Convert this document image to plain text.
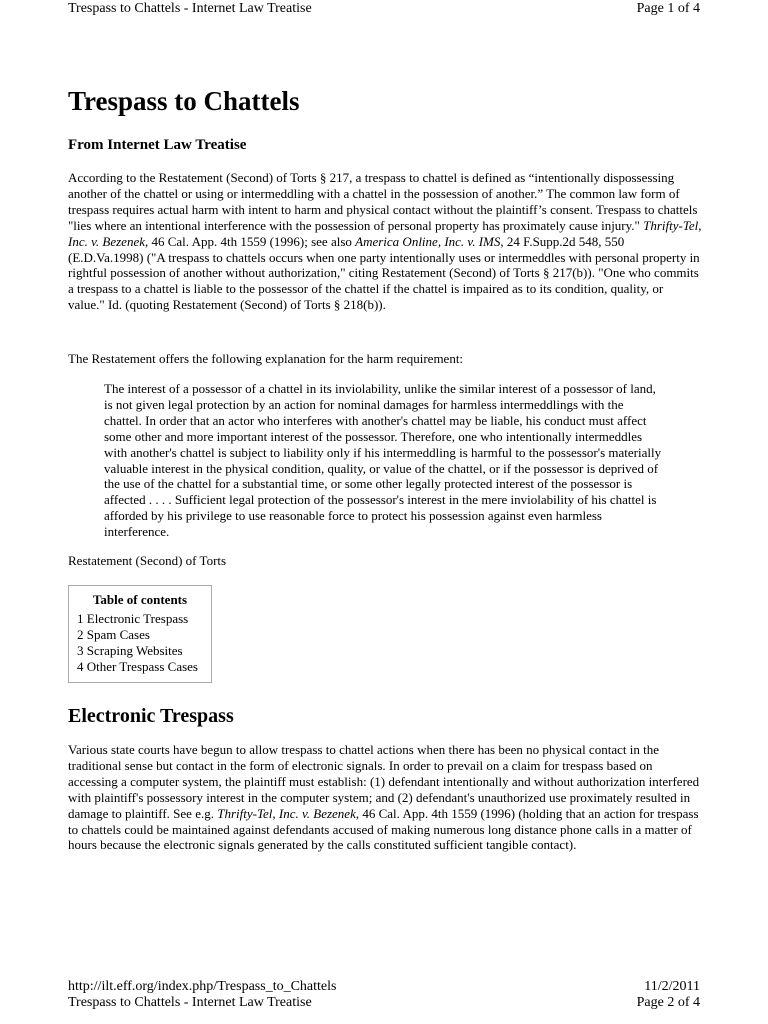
Trespass to Chattels - Internet Law Treatise	Page 1 of 4
Trespass to Chattels
From Internet Law Treatise

According to the Restatement (Second) of Torts § 217, a trespass to chattel is defined as “intentionally dispossessing another of the chattel or using or intermeddling with a chattel in the possession of another.” The common law form of trespass requires actual harm with intent to harm and physical contact without the plaintiff’s consent. Trespass to chattels "lies where an intentional interference with the possession of personal property has proximately cause injury." Thrifty-Tel, Inc. v. Bezenek, 46 Cal. App. 4th 1559 (1996); see also America Online, Inc. v. IMS, 24 F.Supp.2d 548, 550 (E.D.Va.1998) ("A trespass to chattels occurs when one party intentionally uses or intermeddles with personal property in rightful possession of another without authorization," citing Restatement (Second) of Torts § 217(b)). "One who commits a trespass to a chattel is liable to the possessor of the chattel if the chattel is impaired as to its condition, quality, or value." Id. (quoting Restatement (Second) of Torts § 218(b)).

The Restatement offers the following explanation for the harm requirement:

The interest of a possessor of a chattel in its inviolability, unlike the similar interest of a possessor of land, is not given legal protection by an action for nominal damages for harmless intermeddlings with the chattel. In order that an actor who interferes with another's chattel may be liable, his conduct must affect some other and more important interest of the possessor. Therefore, one who intentionally intermeddles with another's chattel is subject to liability only if his intermeddling is harmful to the possessor's materially valuable interest in the physical condition, quality, or value of the chattel, or if the possessor is deprived of the use of the chattel for a substantial time, or some other legally protected interest of the possessor is affected . . . . Sufficient legal protection of the possessor's interest in the mere inviolability of his chattel is afforded by his privilege to use reasonable force to protect his possession against even harmless interference.

Restatement (Second) of Torts

Table of contents
1 Electronic Trespass
2 Spam Cases
3 Scraping Websites
4 Other Trespass Cases
Electronic Trespass

Various state courts have begun to allow trespass to chattel actions when there has been no physical contact in the traditional sense but contact in the form of electronic signals. In order to prevail on a claim for trespass based on accessing a computer system, the plaintiff must establish: (1) defendant intentionally and without authorization interfered with plaintiff's possessory interest in the computer system; and (2) defendant's unauthorized use proximately resulted in damage to plaintiff. See e.g. Thrifty-Tel, Inc. v. Bezenek, 46 Cal. App. 4th 1559 (1996) (holding that an action for trespass to chattels could be maintained against defendants accused of making numerous long distance phone calls in a matter of hours because the electronic signals generated by the calls constituted sufficient tangible contact).

http://ilt.eff.org/index.php/Trespass_to_Chattels	11/2/2011
Trespass to Chattels - Internet Law Treatise	Page 2 of 4
